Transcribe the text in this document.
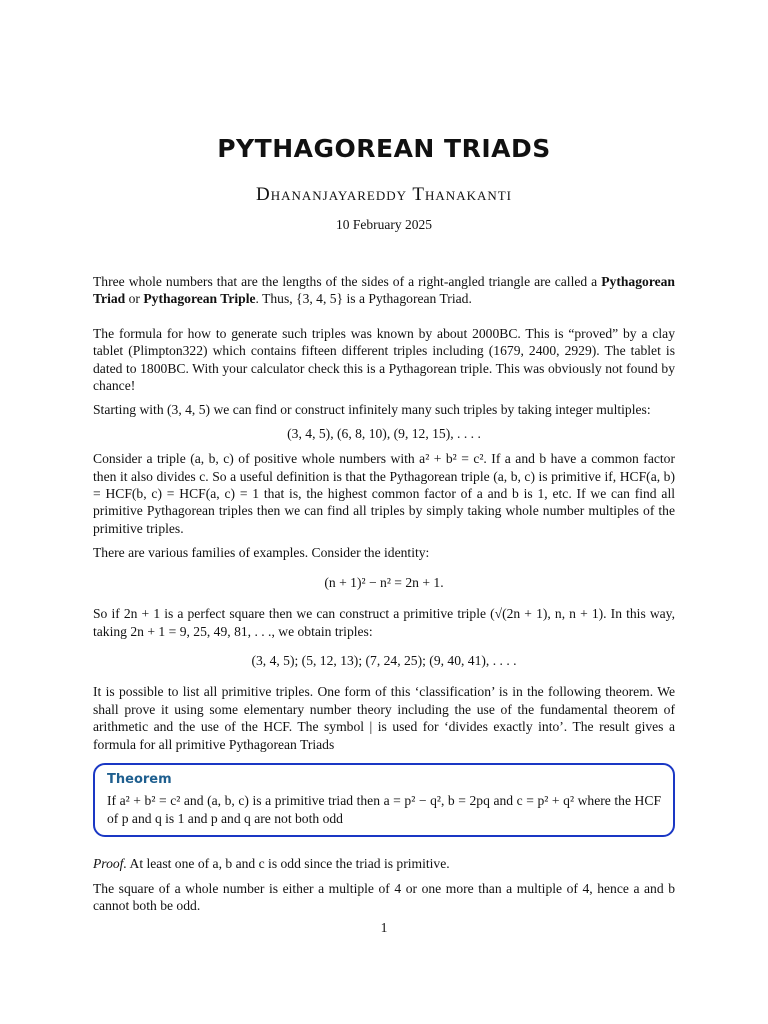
PYTHAGOREAN TRIADS
Dhananjayareddy Thanakanti
10 February 2025

Three whole numbers that are the lengths of the sides of a right-angled triangle are called a Pythagorean Triad or Pythagorean Triple. Thus, {3, 4, 5} is a Pythagorean Triad.

The formula for how to generate such triples was known by about 2000BC. This is “proved” by a clay tablet (Plimpton322) which contains fifteen different triples including (1679, 2400, 2929). The tablet is dated to 1800BC. With your calculator check this is a Pythagorean triple. This was obviously not found by chance!

Starting with (3, 4, 5) we can find or construct infinitely many such triples by taking integer multiples:

(3, 4, 5), (6, 8, 10), (9, 12, 15), . . . .

Consider a triple (a, b, c) of positive whole numbers with a² + b² = c². If a and b have a common factor then it also divides c. So a useful definition is that the Pythagorean triple (a, b, c) is primitive if, HCF(a, b) = HCF(b, c) = HCF(a, c) = 1 that is, the highest common factor of a and b is 1, etc. If we can find all primitive Pythagorean triples then we can find all triples by simply taking whole number multiples of the primitive triples.

There are various families of examples. Consider the identity:

(n + 1)² − n² = 2n + 1.

So if 2n + 1 is a perfect square then we can construct a primitive triple (√(2n + 1), n, n + 1). In this way, taking 2n + 1 = 9, 25, 49, 81, . . ., we obtain triples:

(3, 4, 5); (5, 12, 13); (7, 24, 25); (9, 40, 41), . . . .

It is possible to list all primitive triples. One form of this ‘classification’ is in the following theorem. We shall prove it using some elementary number theory including the use of the fundamental theorem of arithmetic and the use of the HCF. The symbol | is used for ‘divides exactly into’. The result gives a formula for all primitive Pythagorean Triads

Theorem

If a² + b² = c² and (a, b, c) is a primitive triad then a = p² − q², b = 2pq and c = p² + q² where the HCF of p and q is 1 and p and q are not both odd

Proof. At least one of a, b and c is odd since the triad is primitive.

The square of a whole number is either a multiple of 4 or one more than a multiple of 4, hence a and b cannot both be odd.

1
